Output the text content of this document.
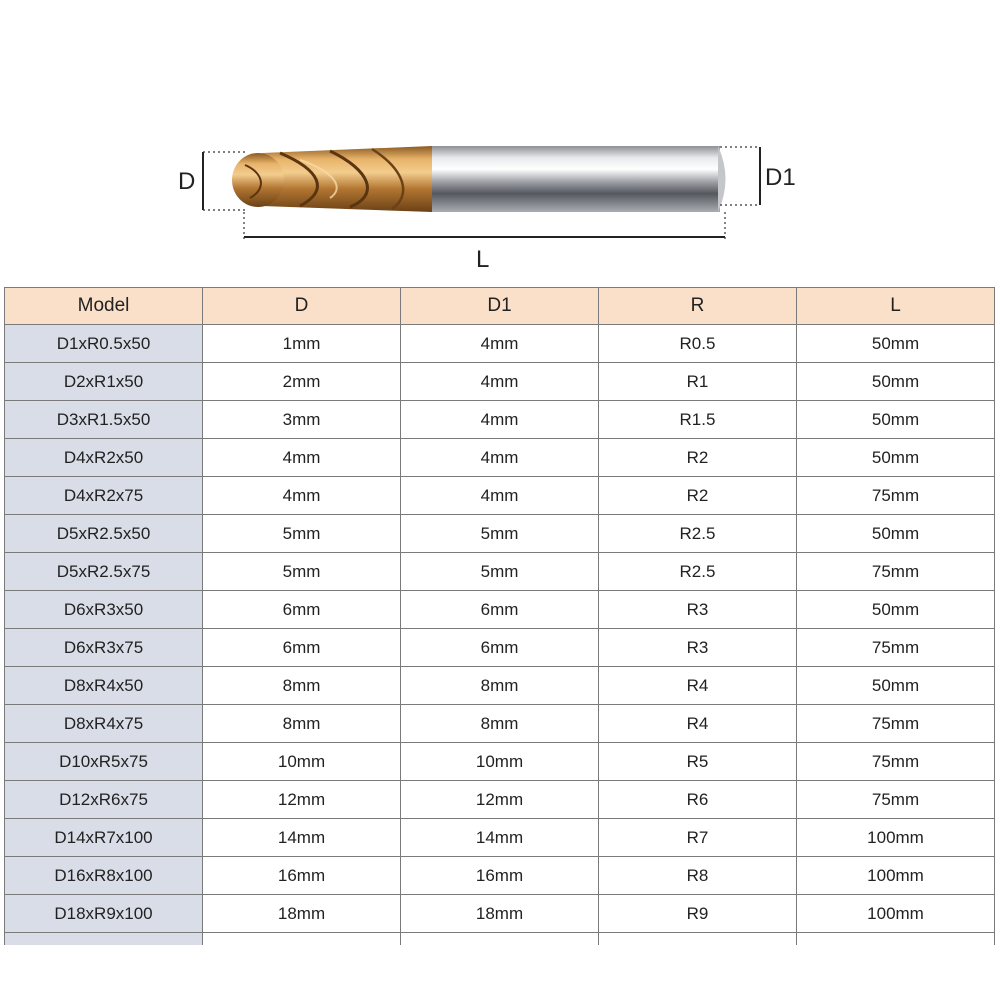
D	D1
L
Model	D	D1	R	L
D1xR0.5x50	1mm	4mm	R0.5	50mm
D2xR1x50	2mm	4mm	R1	50mm
D3xR1.5x50	3mm	4mm	R1.5	50mm
D4xR2x50	4mm	4mm	R2	50mm
D4xR2x75	4mm	4mm	R2	75mm
D5xR2.5x50	5mm	5mm	R2.5	50mm
D5xR2.5x75	5mm	5mm	R2.5	75mm
D6xR3x50	6mm	6mm	R3	50mm
D6xR3x75	6mm	6mm	R3	75mm
D8xR4x50	8mm	8mm	R4	50mm
D8xR4x75	8mm	8mm	R4	75mm
D10xR5x75	10mm	10mm	R5	75mm
D12xR6x75	12mm	12mm	R6	75mm
D14xR7x100	14mm	14mm	R7	100mm
D16xR8x100	16mm	16mm	R8	100mm
D18xR9x100	18mm	18mm	R9	100mm
